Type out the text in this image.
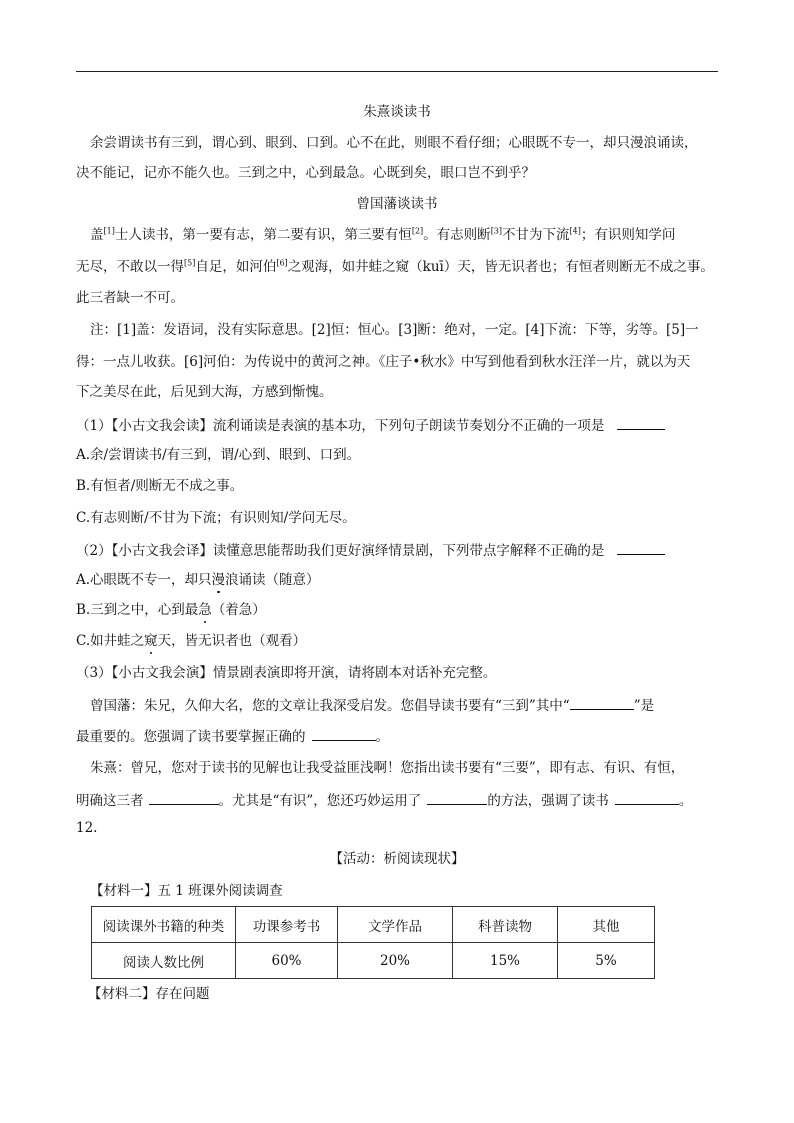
朱熹谈读书
余尝谓读书有三到，谓心到、眼到、口到。心不在此，则眼不看仔细；心眼既不专一，却只漫浪诵读，
决不能记，记亦不能久也。三到之中，心到最急。心既到矣，眼口岂不到乎？
曾国藩谈读书
盖[1]士人读书，第一要有志，第二要有识，第三要有恒[2]。有志则断[3]不甘为下流[4]；有识则知学问
无尽，不敢以一得[5]自足，如河伯[6]之观海，如井蛙之窥（kuī）天，皆无识者也；有恒者则断无不成之事。
此三者缺一不可。
注：[1]盖：发语词，没有实际意思。[2]恒：恒心。[3]断：绝对，一定。[4]下流：下等，劣等。[5]一
得：一点儿收获。[6]河伯：为传说中的黄河之神。《庄子•秋水》中写到他看到秋水汪洋一片，就以为天
下之美尽在此，后见到大海，方感到惭愧。
（1）【小古文我会读】流利诵读是表演的基本功，下列句子朗读节奏划分不正确的一项是
A.余/尝谓读书/有三到，谓/心到、眼到、口到。
B.有恒者/则断无不成之事。
C.有志则断/不甘为下流；有识则知/学问无尽。
（2）【小古文我会译】读懂意思能帮助我们更好演绎情景剧，下列带点字解释不正确的是
A.心眼既不专一，却只漫浪诵读（随意）
B.三到之中，心到最急（着急）
C.如井蛙之窥天，皆无识者也（观看）
（3）【小古文我会演】情景剧表演即将开演，请将剧本对话补充完整。
曾国藩：朱兄，久仰大名，您的文章让我深受启发。您倡导读书要有“三到”其中“	”是
最重要的。您强调了读书要掌握正确的	。
朱熹：曾兄，您对于读书的见解也让我受益匪浅啊！您指出读书要有“三要”，即有志、有识、有恒，
明确这三者	。尤其是“有识”，您还巧妙运用了	的方法，强调了读书	。
12.
【活动：析阅读现状】
【材料一】五 1 班课外阅读调查
阅读课外书籍的种类	功课参考书	文学作品	科普读物	其他
阅读人数比例	60%	20%	15%	5%
【材料二】存在问题
